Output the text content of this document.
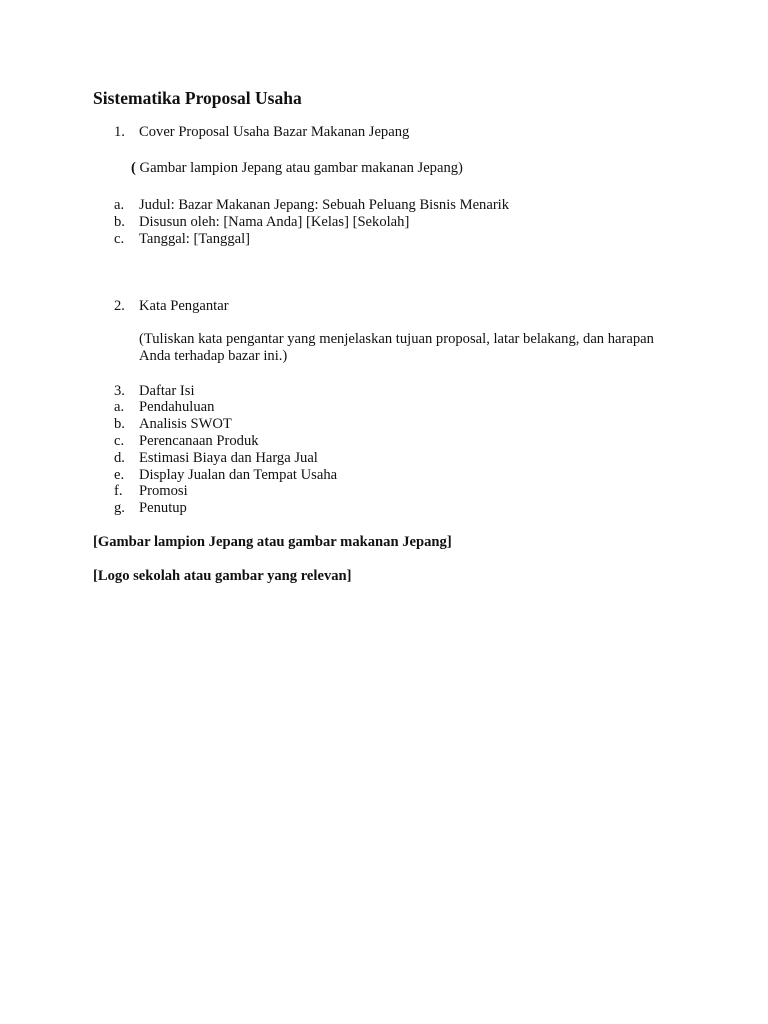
Sistematika Proposal Usaha
1. Cover Proposal Usaha Bazar Makanan Jepang
( Gambar lampion Jepang atau gambar makanan Jepang)
a.	Judul: Bazar Makanan Jepang: Sebuah Peluang Bisnis Menarik
b. Disusun oleh: [Nama Anda] [Kelas] [Sekolah]
c.	Tanggal: [Tanggal]
2. Kata Pengantar
(Tuliskan kata pengantar yang menjelaskan tujuan proposal, latar belakang, dan harapan Anda terhadap bazar ini.)
3. Daftar Isi
a.	Pendahuluan
b. Analisis SWOT
c.	Perencanaan Produk
d. Estimasi Biaya dan Harga Jual
e.	Display Jualan dan Tempat Usaha
f.	Promosi
g. Penutup
[Gambar lampion Jepang atau gambar makanan Jepang]
[Logo sekolah atau gambar yang relevan]
